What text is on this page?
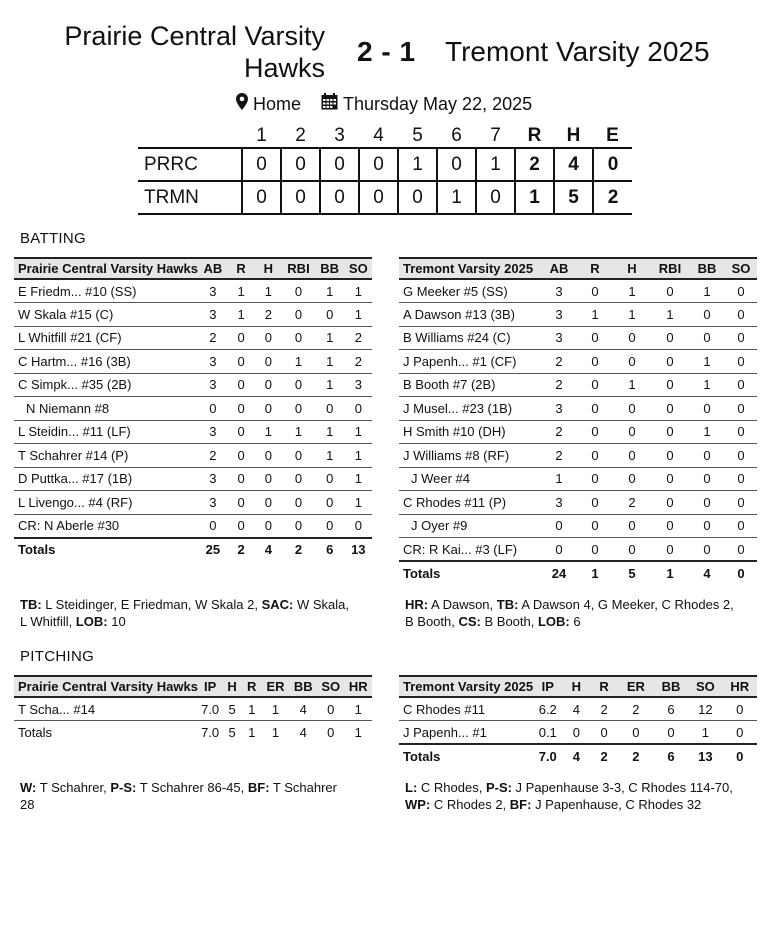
Prairie Central Varsity
Hawks
2 - 1 Tremont Varsity 2025
Home Thursday May 22, 2025
	1	2	3	4	5	6	7	R	H	E
PRRC	0	0	0	0	1	0	1	2	4	0
TRMN	0	0	0	0	0	1	0	1	5	2
BATTING
Prairie Central Varsity Hawks	AB	R	H	RBI	BB	SO
E Friedm... #10 (SS)	3	1	1	0	1	1
W Skala #15 (C)	3	1	2	0	0	1
L Whitfill #21 (CF)	2	0	0	0	1	2
C Hartm... #16 (3B)	3	0	0	1	1	2
C Simpk... #35 (2B)	3	0	0	0	1	3
N Niemann #8	0	0	0	0	0	0
L Steidin... #11 (LF)	3	0	1	1	1	1
T Schahrer #14 (P)	2	0	0	0	1	1
D Puttka... #17 (1B)	3	0	0	0	0	1
L Livengo... #4 (RF)	3	0	0	0	0	1
CR: N Aberle #30	0	0	0	0	0	0
Totals	25	2	4	2	6	13
Tremont Varsity 2025	AB	R	H	RBI	BB	SO
G Meeker #5 (SS)	3	0	1	0	1	0
A Dawson #13 (3B)	3	1	1	1	0	0
B Williams #24 (C)	3	0	0	0	0	0
J Papenh... #1 (CF)	2	0	0	0	1	0
B Booth #7 (2B)	2	0	1	0	1	0
J Musel... #23 (1B)	3	0	0	0	0	0
H Smith #10 (DH)	2	0	0	0	1	0
J Williams #8 (RF)	2	0	0	0	0	0
J Weer #4	1	0	0	0	0	0
C Rhodes #11 (P)	3	0	2	0	0	0
J Oyer #9	0	0	0	0	0	0
CR: R Kai... #3 (LF)	0	0	0	0	0	0
Totals	24	1	5	1	4	0
TB: L Steidinger, E Friedman, W Skala 2, SAC: W Skala,
L Whitfill, LOB: 10
HR: A Dawson, TB: A Dawson 4, G Meeker, C Rhodes 2,
B Booth, CS: B Booth, LOB: 6
PITCHING
Prairie Central Varsity Hawks	IP	H	R	ER	BB	SO	HR
T Scha... #14	7.0	5	1	1	4	0	1
Totals	7.0	5	1	1	4	0	1
Tremont Varsity 2025	IP	H	R	ER	BB	SO	HR
C Rhodes #11	6.2	4	2	2	6	12	0
J Papenh... #1	0.1	0	0	0	0	1	0
Totals	7.0	4	2	2	6	13	0
W: T Schahrer, P-S: T Schahrer 86-45, BF: T Schahrer
28
L: C Rhodes, P-S: J Papenhause 3-3, C Rhodes 114-70,
WP: C Rhodes 2, BF: J Papenhause, C Rhodes 32
